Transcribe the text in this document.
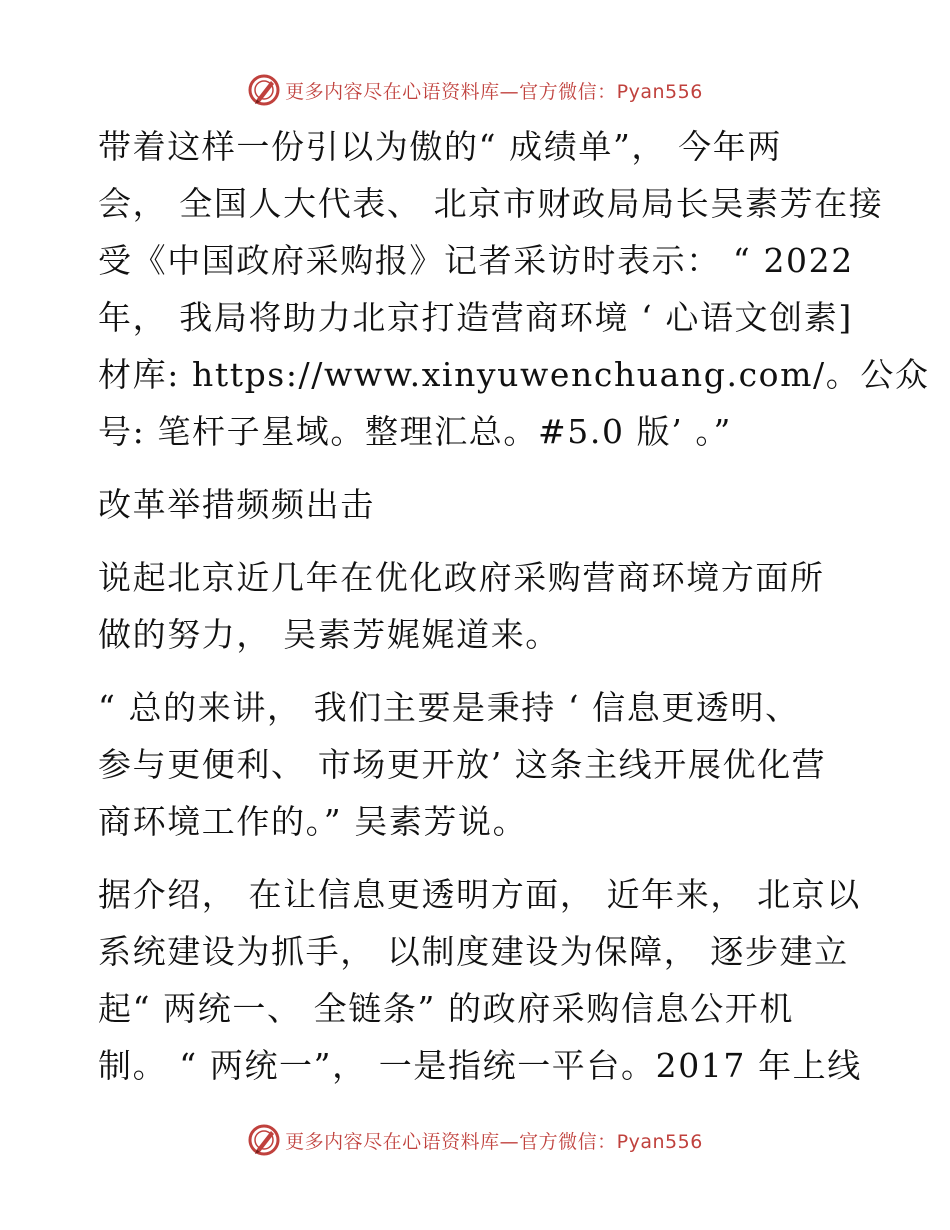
更多内容尽在心语资料库—官方微信：Pyan556
带着这样一份引以为傲的“ 成绩单”， 今年两
会， 全国人大代表、 北京市财政局局长吴素芳在接
受《中国政府采购报》记者采访时表示： “ 2022
年， 我局将助力北京打造营商环境 ‘ 心语文创素]
材库: https://www.xinyuwenchuang.com/。公众
号: 笔杆子星域。整理汇总。#5.0 版’ 。”
改革举措频频出击
说起北京近几年在优化政府采购营商环境方面所
做的努力， 吴素芳娓娓道来。
“ 总的来讲， 我们主要是秉持 ‘ 信息更透明、
参与更便利、 市场更开放’ 这条主线开展优化营
商环境工作的。” 吴素芳说。
据介绍， 在让信息更透明方面， 近年来， 北京以
系统建设为抓手， 以制度建设为保障， 逐步建立
起“ 两统一、 全链条” 的政府采购信息公开机
制。 “ 两统一”， 一是指统一平台。2017 年上线
更多内容尽在心语资料库—官方微信：Pyan556
